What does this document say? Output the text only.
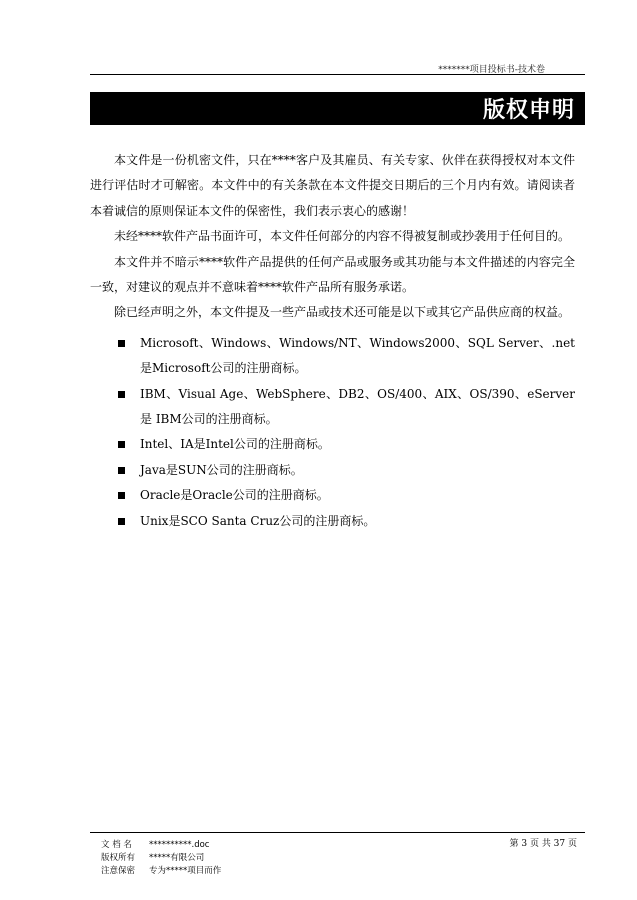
*******项目投标书-技术卷
版权申明

本文件是一份机密文件，只在****客户及其雇员、有关专家、伙伴在获得授权对本文件进行评估时才可解密。本文件中的有关条款在本文件提交日期后的三个月内有效。请阅读者本着诚信的原则保证本文件的保密性，我们表示衷心的感谢！

未经****软件产品书面许可，本文件任何部分的内容不得被复制或抄袭用于任何目的。

本文件并不暗示****软件产品提供的任何产品或服务或其功能与本文件描述的内容完全一致，对建议的观点并不意味着****软件产品所有服务承诺。

除已经声明之外，本文件提及一些产品或技术还可能是以下或其它产品供应商的权益。

Microsoft、Windows、Windows/NT、Windows2000、SQL Server、.net是Microsoft公司的注册商标。
IBM、Visual Age、WebSphere、DB2、OS/400、AIX、OS/390、eServer 是 IBM公司的注册商标。
Intel、IA是Intel公司的注册商标。
Java是SUN公司的注册商标。
Oracle是Oracle公司的注册商标。
Unix是SCO Santa Cruz公司的注册商标。
文 档 名	**********.doc
版权所有	*****有限公司
注意保密	专为*****项目而作
第 3 页 共 37 页
